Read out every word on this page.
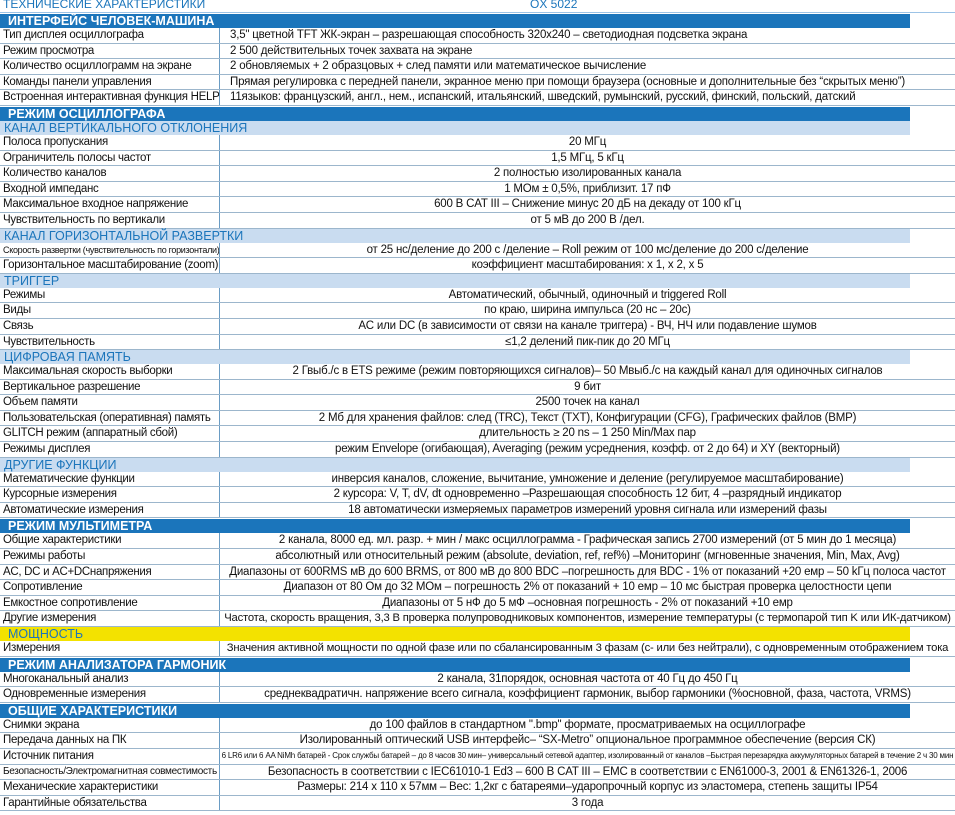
ТЕХНИЧЕСКИЕ ХАРАКТЕРИСТИКИ	OX 5022
ИНТЕРФЕЙС ЧЕЛОВЕК-МАШИНА
Тип дисплея осциллографа	3,5" цветной TFT ЖК-экран – разрешающая способность 320x240 – светодиодная подсветка экрана
Режим просмотра	2 500 действительных точек захвата на экране
Количество осциллограмм на экране	2 обновляемых + 2 образцовых + след памяти или математическое вычисление
Команды панели управления	Прямая регулировка с передней панели, экранное меню при помощи браузера (основные и дополнительные без “скрытых меню”)
Встроенная интерактивная функция HELP 11языков: французский, англ., нем., испанский, итальянский, шведский, румынский, русский, финский, польский, датский
РЕЖИМ ОСЦИЛЛОГРАФА
КАНАЛ ВЕРТИКАЛЬНОГО ОТКЛОНЕНИЯ
Полоса пропускания	20 МГц
Ограничитель полосы частот	1,5 МГц, 5 кГц
Количество каналов	2 полностью изолированных канала
Входной импеданс	1 МОм ± 0,5%, приблизит. 17 пФ
Максимальное входное напряжение	600 В CAT III – Снижение минус 20 дБ на декаду от 100 кГц
Чувствительность по вертикали	от 5 мВ до 200 В /дел.
КАНАЛ ГОРИЗОНТАЛЬНОЙ РАЗВЕРТКИ
Скорость развертки (чувствительность по горизонтали)	от 25 нс/деление до 200 с /деление – Roll режим от 100 мс/деление до 200 с/деление
Горизонтальное масштабирование (zoom)	коэффициент масштабирования: x 1, x 2, x 5
ТРИГГЕР
Режимы	Автоматический, обычный, одиночный и triggered Roll
Виды	по краю, ширина импульса (20 нс – 20с)
Связь	AC или DC (в зависимости от связи на канале триггера) - ВЧ, НЧ или подавление шумов
Чувствительность	≤1,2 делений пик-пик до 20 МГц
ЦИФРОВАЯ ПАМЯТЬ
Максимальная скорость выборки	2 Гвыб./с в ETS режиме (режим повторяющихся сигналов)– 50 Мвыб./с на каждый канал для одиночных сигналов
Вертикальное разрешение	9 бит
Объем памяти	2500 точек на канал
Пользовательская (оперативная) память	2 Мб для хранения файлов: след (TRC), Текст (TXT), Конфигурации (CFG), Графических файлов (BMP)
GLITCH режим (аппаратный сбой)	длительность ≥ 20 ns – 1 250 Min/Max пар
Режимы дисплея	режим Envelope (огибающая), Averaging (режим усреднения, коэфф. от 2 до 64) и XY (векторный)
ДРУГИЕ ФУНКЦИИ
Математические функции	инверсия каналов, сложение, вычитание, умножение и деление (регулируемое масштабирование)
Курсорные измерения	2 курсора: V, T, dV, dt одновременно –Разрешающая способность 12 бит, 4 –разрядный индикатор
Автоматические измерения	18 автоматически измеряемых параметров измерений уровня сигнала или измерений фазы
РЕЖИМ МУЛЬТИМЕТРА
Общие характеристики	2 канала, 8000 ед. мл. разр. + мин / макс осциллограмма - Графическая запись 2700 измерений (от 5 мин до 1 месяца)
Режимы работы	абсолютный или относительный режим (absolute, deviation, ref, ref%) –Мониторинг (мгновенные значения, Min, Max, Avg)
AC, DC и AC+DCнапряжения	Диапазоны от 600RMS мВ до 600 BRMS, от 800 мВ до 800 BDC –погрешность для BDC - 1% от показаний +20 емр – 50 kГц полоса частот
Сопротивление	Диапазон от 80 Ом до 32 МОм – погрешность 2% от показаний + 10 емр – 10 мс быстрая проверка целостности цепи
Емкостное сопротивление	Диапазоны от 5 нФ до 5 мФ –основная погрешность - 2% от показаний +10 емр
Другие измерения	Частота, скорость вращения, 3,3 В проверка полупроводниковых компонентов, измерение температуры (с термопарой тип K или ИК-датчиком)
МОЩНОСТЬ
Измерения	Значения активной мощности по одной фазе или по сбалансированным 3 фазам (с- или без нейтрали), с одновременным отображением тока
РЕЖИМ АНАЛИЗАТОРА ГАРМОНИК
Многоканальный анализ	2 канала, 31порядок, основная частота от 40 Гц до 450 Гц
Одновременные измерения	среднеквадратичн. напряжение всего сигнала, коэффициент гармоник, выбор гармоники (%основной, фаза, частота, VRMS)
ОБЩИЕ ХАРАКТЕРИСТИКИ
Снимки экрана	до 100 файлов в стандартном ".bmp" формате, просматриваемых на осциллографе
Передача данных на ПК	Изолированный оптический USB интерфейс– “SX-Metro” опциональное программное обеспечение (версия СК)
Источник питания	6 LR6 или 6 AA NiMh батарей - Срок службы батарей – до 8 часов 30 мин– универсальный сетевой адаптер, изолированный от каналов –Быстрая перезарядка аккумуляторных батарей в течение 2 ч 30 мин
Безопасность/Электромагнитная совместимость	Безопасность в соответствии с IEC61010-1 Ed3 – 600 В CAT III – EMC в соответствии с EN61000-3, 2001 & EN61326-1, 2006
Механические характеристики	Размеры: 214 x 110 x 57мм – Вес: 1,2кг с батареями–ударопрочный корпус из эластомера, степень защиты IP54
Гарантийные обязательства	3 года
